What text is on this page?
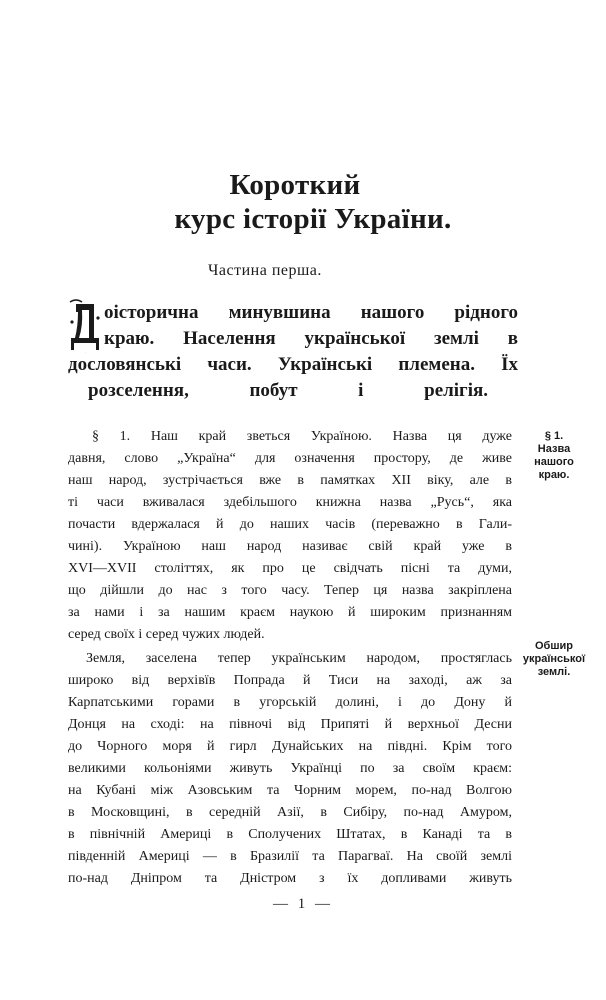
Короткий
курс історії України.
Частина перша.
Д
оісторична минувшина нашого рідного
краю. Населення української землі в
дословянські часи. Українські племена. Їх
розселення, побут і релігія.
§ 1. Наш край зветься Україною. Назва ця дуже
давня, слово „Україна“ для означення простору, де живе
наш народ, зустрічається вже в памятках XII віку, але в
ті часи вживалася здебільшого книжна назва „Русь“, яка
почасти вдержалася й до наших часів (переважно в Гали-
чині). Україною наш народ називає свій край уже в
XVI—XVII століттях, як про це свідчать пісні та думи,
що дійшли до нас з того часу. Тепер ця назва закріплена
за нами і за нашим краєм наукою й широким признанням
серед своїх і серед чужих людей.
Земля, заселена тепер українським народом, простяглась
широко від верхівїв Попрада й Тиси на заході, аж за
Карпатськими горами в угорській долині, і до Дону й
Донця на сході: на півночі від Припяті й верхньої Десни
до Чорного моря й гирл Дунайських на півдні. Крім того
великими кольоніями живуть Українці по за своїм краєм:
на Кубані між Азовським та Чорним морем, по-над Волгою
в Московщині, в середній Азії, в Сибіру, по-над Амуром,
в північній Америці в Сполучених Штатах, в Канаді та в
південній Америці — в Бразилії та Парагваї. На своїй землі
по-над Дніпром та Дністром з їх допливами живуть
§ 1.
Назва нашого
краю.
Обшир
української
землі.
— 1 —
